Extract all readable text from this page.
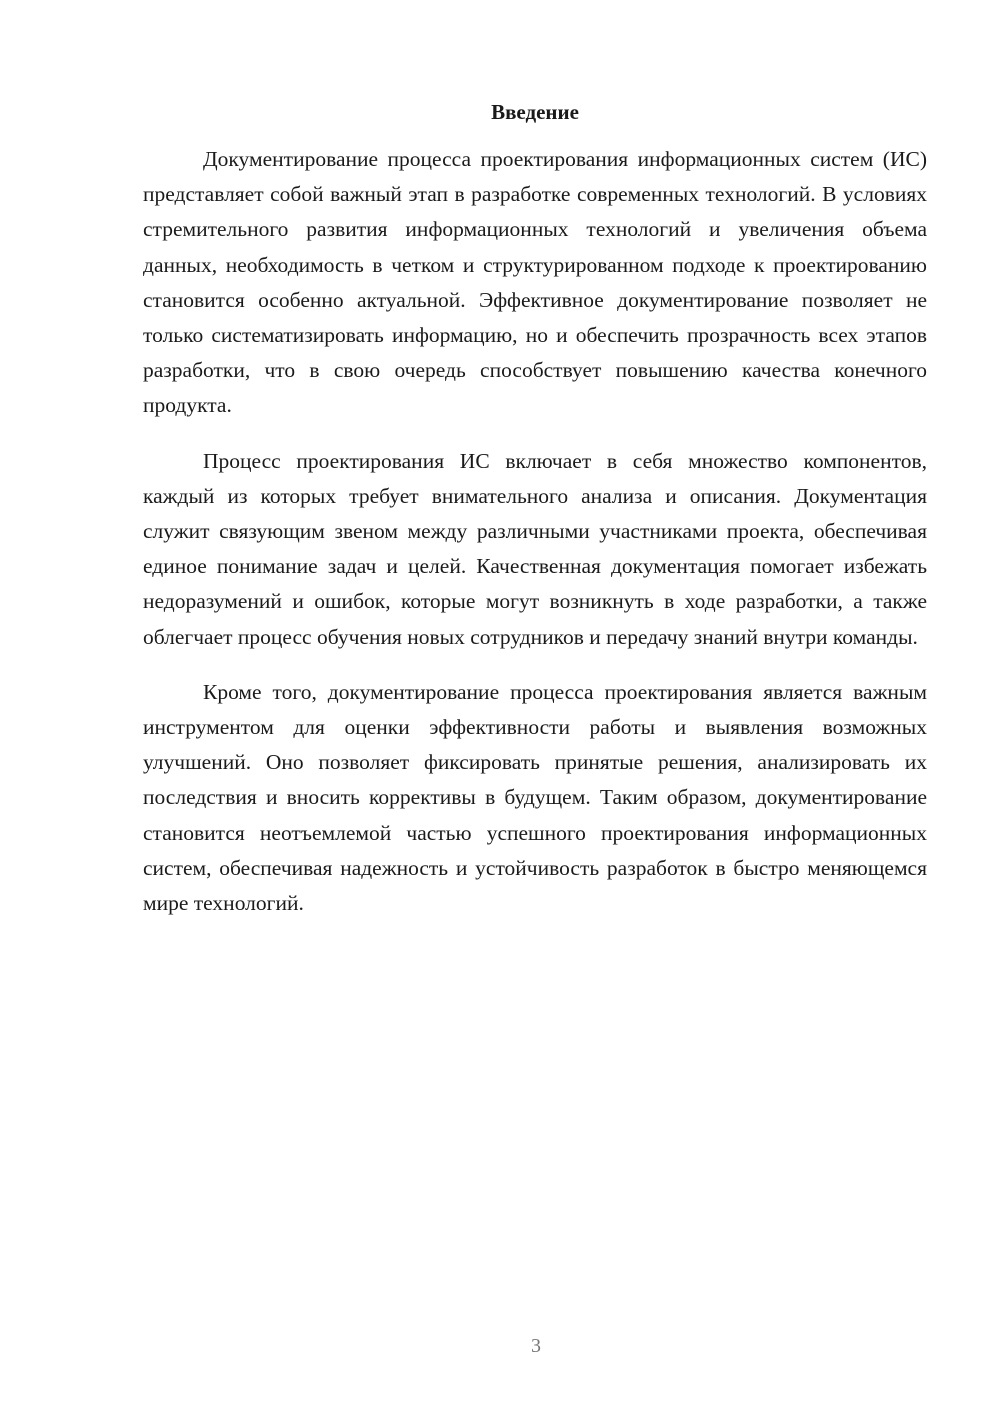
Введение

Документирование процесса проектирования информационных систем (ИС) представляет собой важный этап в разработке современных технологий. В условиях стремительного развития информационных технологий и увеличения объема данных, необходимость в четком и структурированном подходе к проектированию становится особенно актуальной. Эффективное документирование позволяет не только систематизировать информацию, но и обеспечить прозрачность всех этапов разработки, что в свою очередь способствует повышению качества конечного продукта.

Процесс проектирования ИС включает в себя множество компонентов, каждый из которых требует внимательного анализа и описания. Документация служит связующим звеном между различными участниками проекта, обеспечивая единое понимание задач и целей. Качественная документация помогает избежать недоразумений и ошибок, которые могут возникнуть в ходе разработки, а также облегчает процесс обучения новых сотрудников и передачу знаний внутри команды.

Кроме того, документирование процесса проектирования является важным инструментом для оценки эффективности работы и выявления возможных улучшений. Оно позволяет фиксировать принятые решения, анализировать их последствия и вносить коррективы в будущем. Таким образом, документирование становится неотъемлемой частью успешного проектирования информационных систем, обеспечивая надежность и устойчивость разработок в быстро меняющемся мире технологий.

3
